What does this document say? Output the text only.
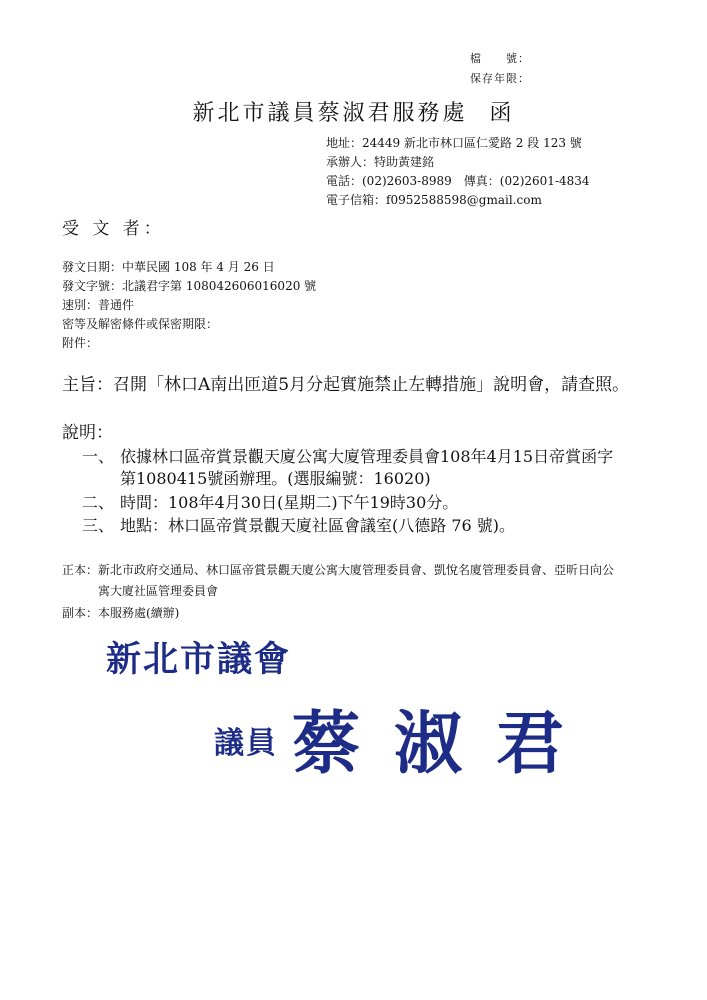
檔　　號：
保存年限：
新北市議員蔡淑君服務處 函
地址：24449 新北市林口區仁愛路 2 段 123 號
承辦人：特助黃建銘
電話：(02)2603-8989　傳真：(02)2601-4834
電子信箱：f0952588598@gmail.com
受 文 者：
發文日期：中華民國 108 年 4 月 26 日
發文字號：北議君字第 108042606016020 號
速別：普通件
密等及解密條件或保密期限：
附件：
主旨：召開「林口A南出匝道5月分起實施禁止左轉措施」說明會，請查照。
說明：
一、 依據林口區帝賞景觀天廈公寓大廈管理委員會108年4月15日帝賞函字
第1080415號函辦理。(選服編號：16020)
二、 時間：108年4月30日(星期二)下午19時30分。
三、 地點：林口區帝賞景觀天廈社區會議室(八德路 76 號)。
正本：新北市政府交通局、林口區帝賞景觀天廈公寓大廈管理委員會、凱悅名廈管理委員會、亞昕日向公
寓大廈社區管理委員會
副本：本服務處(續辦)
新北市議會
議員 蔡淑君
